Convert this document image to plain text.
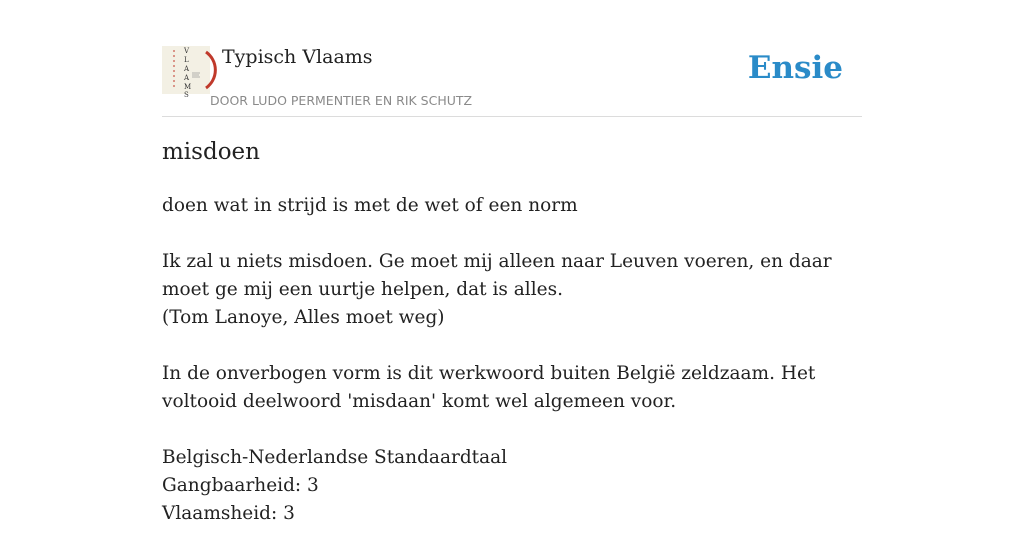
V
L
A
A
M
S
Typisch Vlaams
DOOR LUDO PERMENTIER EN RIK SCHUTZ
Ensie
misdoen

doen wat in strijd is met de wet of een norm

Ik zal u niets misdoen. Ge moet mij alleen naar Leuven voeren, en daar moet ge mij een uurtje helpen, dat is alles.
(Tom Lanoye, Alles moet weg)

In de onverbogen vorm is dit werkwoord buiten België zeldzaam. Het voltooid deelwoord 'misdaan' komt wel algemeen voor.

Belgisch-Nederlandse Standaardtaal
Gangbaarheid: 3
Vlaamsheid: 3
